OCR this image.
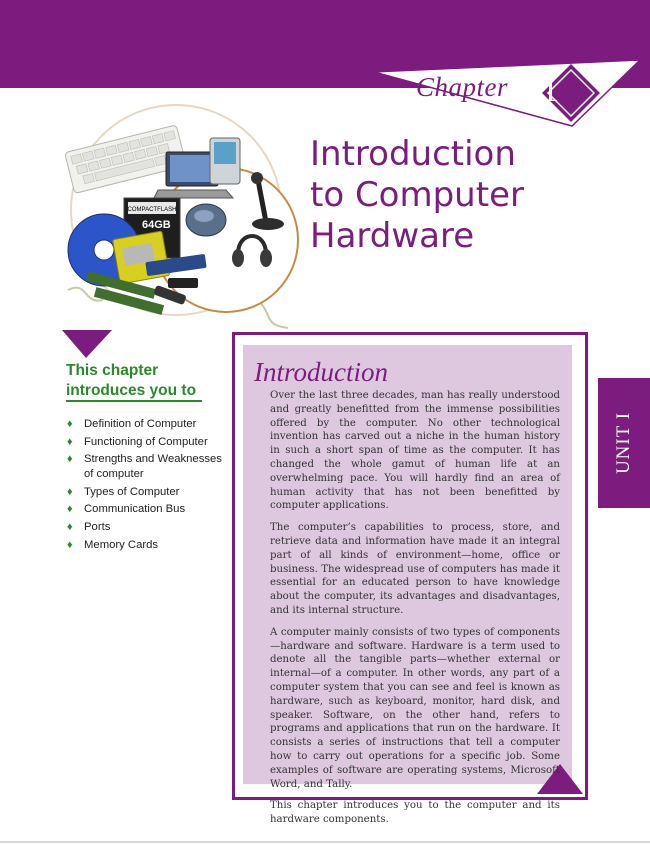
Chapter 01
Introduction
to Computer
Hardware
COMPACTFLASH
64GB
This chapter
introduces you to
♦ Definition of Computer
♦ Functioning of Computer
♦ Strengths and Weaknesses of computer
♦ Types of Computer
♦ Communication Bus
♦ Ports
♦ Memory Cards
Introduction

Over the last three decades, man has really understood and greatly benefitted from the immense possibilities offered by the computer. No other technological invention has carved out a niche in the human history in such a short span of time as the computer. It has changed the whole gamut of human life at an overwhelming pace. You will hardly find an area of human activity that has not been benefitted by computer applications.

The computer’s capabilities to process, store, and retrieve data and information have made it an integral part of all kinds of environment—home, office or business. The widespread use of computers has made it essential for an educated person to have knowledge about the computer, its advantages and disadvantages, and its internal structure.

A computer mainly consists of two types of components—hardware and software. Hardware is a term used to denote all the tangible parts—whether external or internal—of a computer. In other words, any part of a computer system that you can see and feel is known as hardware, such as keyboard, monitor, hard disk, and speaker. Software, on the other hand, refers to programs and applications that run on the hardware. It consists a series of instructions that tell a computer how to carry out operations for a specific job. Some examples of software are operating systems, Microsoft Word, and Tally.

This chapter introduces you to the computer and its hardware components.

UNIT I
